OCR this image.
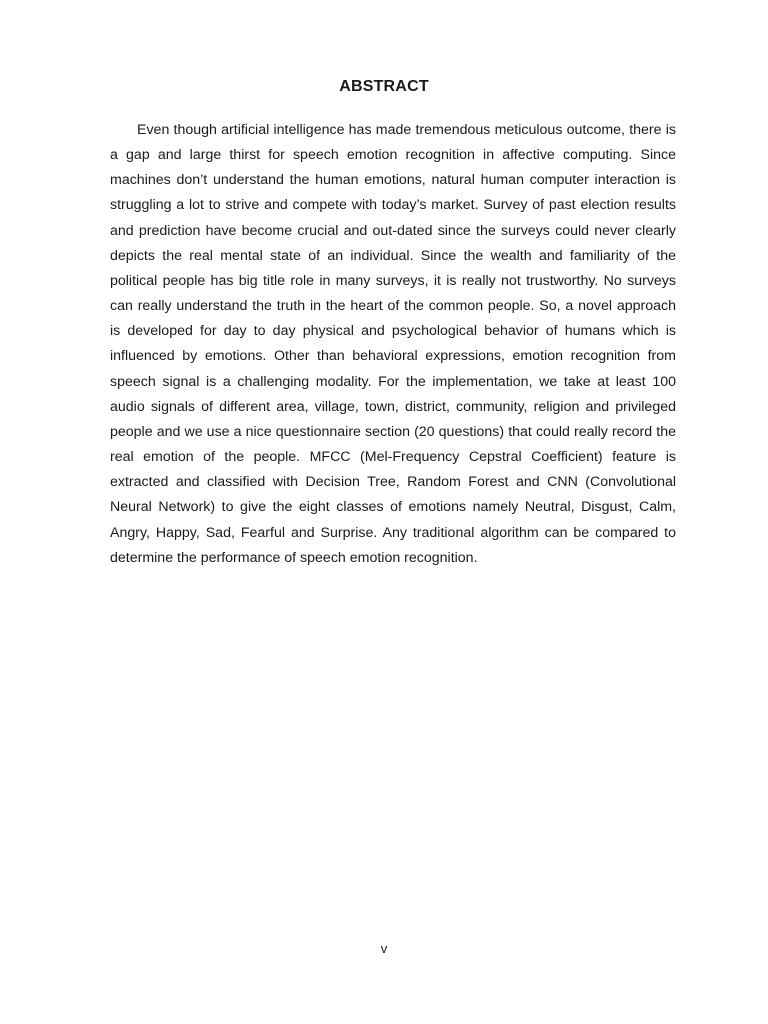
ABSTRACT

Even though artificial intelligence has made tremendous meticulous outcome, there is a gap and large thirst for speech emotion recognition in affective computing. Since machines don’t understand the human emotions, natural human computer interaction is struggling a lot to strive and compete with today’s market. Survey of past election results and prediction have become crucial and out-dated since the surveys could never clearly depicts the real mental state of an individual. Since the wealth and familiarity of the political people has big title role in many surveys, it is really not trustworthy. No surveys can really understand the truth in the heart of the common people. So, a novel approach is developed for day to day physical and psychological behavior of humans which is influenced by emotions. Other than behavioral expressions, emotion recognition from speech signal is a challenging modality. For the implementation, we take at least 100 audio signals of different area, village, town, district, community, religion and privileged people and we use a nice questionnaire section (20 questions) that could really record the real emotion of the people. MFCC (Mel-Frequency Cepstral Coefficient) feature is extracted and classified with Decision Tree, Random Forest and CNN (Convolutional Neural Network) to give the eight classes of emotions namely Neutral, Disgust, Calm, Angry, Happy, Sad, Fearful and Surprise. Any traditional algorithm can be compared to determine the performance of speech emotion recognition.

v
